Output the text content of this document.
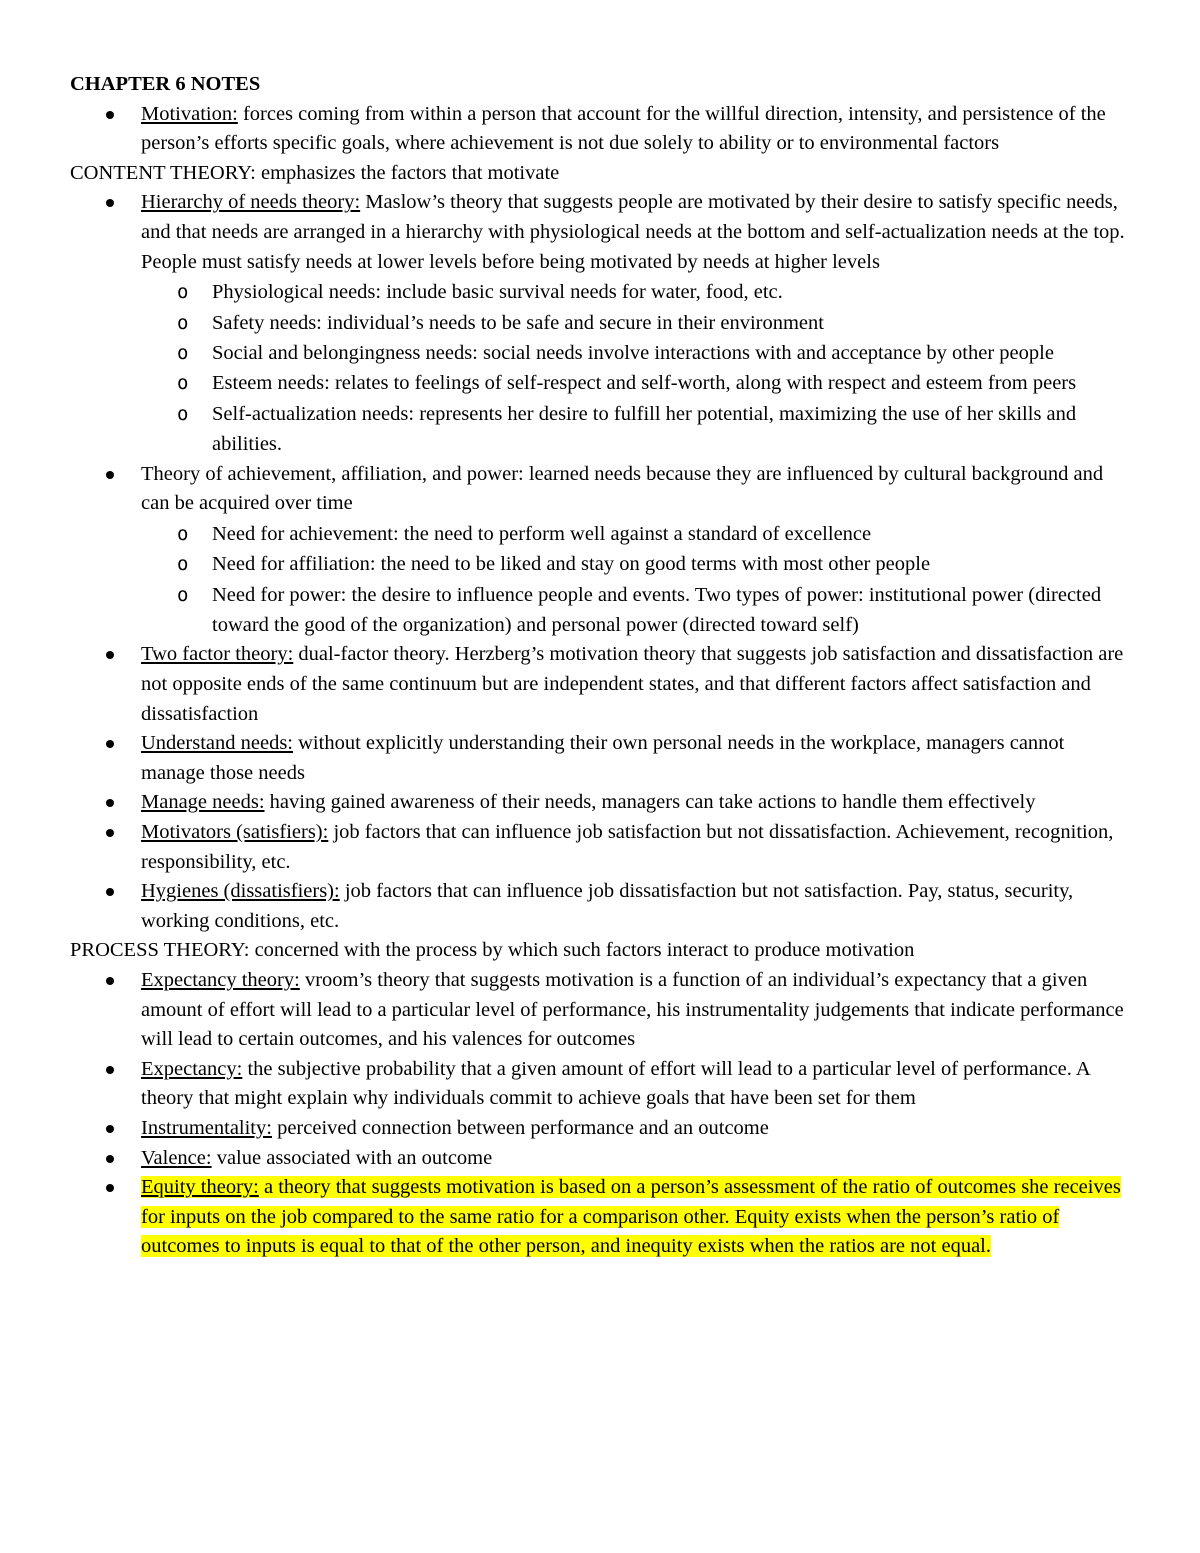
CHAPTER 6 NOTES

Motivation: forces coming from within a person that account for the willful direction, intensity, and persistence of the person’s efforts specific goals, where achievement is not due solely to ability or to environmental factors

CONTENT THEORY: emphasizes the factors that motivate

Hierarchy of needs theory: Maslow’s theory that suggests people are motivated by their desire to satisfy specific needs, and that needs are arranged in a hierarchy with physiological needs at the bottom and self-actualization needs at the top. People must satisfy needs at lower levels before being motivated by needs at higher levels
o Physiological needs: include basic survival needs for water, food, etc.
o Safety needs: individual’s needs to be safe and secure in their environment
o Social and belongingness needs: social needs involve interactions with and acceptance by other people
o Esteem needs: relates to feelings of self-respect and self-worth, along with respect and esteem from peers
o Self-actualization needs: represents her desire to fulfill her potential, maximizing the use of her skills and abilities.
Theory of achievement, affiliation, and power: learned needs because they are influenced by cultural background and can be acquired over time
o Need for achievement: the need to perform well against a standard of excellence
o Need for affiliation: the need to be liked and stay on good terms with most other people
o Need for power: the desire to influence people and events. Two types of power: institutional power (directed toward the good of the organization) and personal power (directed toward self)
Two factor theory: dual-factor theory. Herzberg’s motivation theory that suggests job satisfaction and dissatisfaction are not opposite ends of the same continuum but are independent states, and that different factors affect satisfaction and dissatisfaction
Understand needs: without explicitly understanding their own personal needs in the workplace, managers cannot manage those needs
Manage needs: having gained awareness of their needs, managers can take actions to handle them effectively
Motivators (satisfiers): job factors that can influence job satisfaction but not dissatisfaction. Achievement, recognition, responsibility, etc.
Hygienes (dissatisfiers): job factors that can influence job dissatisfaction but not satisfaction. Pay, status, security, working conditions, etc.

PROCESS THEORY: concerned with the process by which such factors interact to produce motivation

Expectancy theory: vroom’s theory that suggests motivation is a function of an individual’s expectancy that a given amount of effort will lead to a particular level of performance, his instrumentality judgements that indicate performance will lead to certain outcomes, and his valences for outcomes
Expectancy: the subjective probability that a given amount of effort will lead to a particular level of performance. A theory that might explain why individuals commit to achieve goals that have been set for them
Instrumentality: perceived connection between performance and an outcome
Valence: value associated with an outcome
Equity theory: a theory that suggests motivation is based on a person’s assessment of the ratio of outcomes she receives for inputs on the job compared to the same ratio for a comparison other. Equity exists when the person’s ratio of outcomes to inputs is equal to that of the other person, and inequity exists when the ratios are not equal.
